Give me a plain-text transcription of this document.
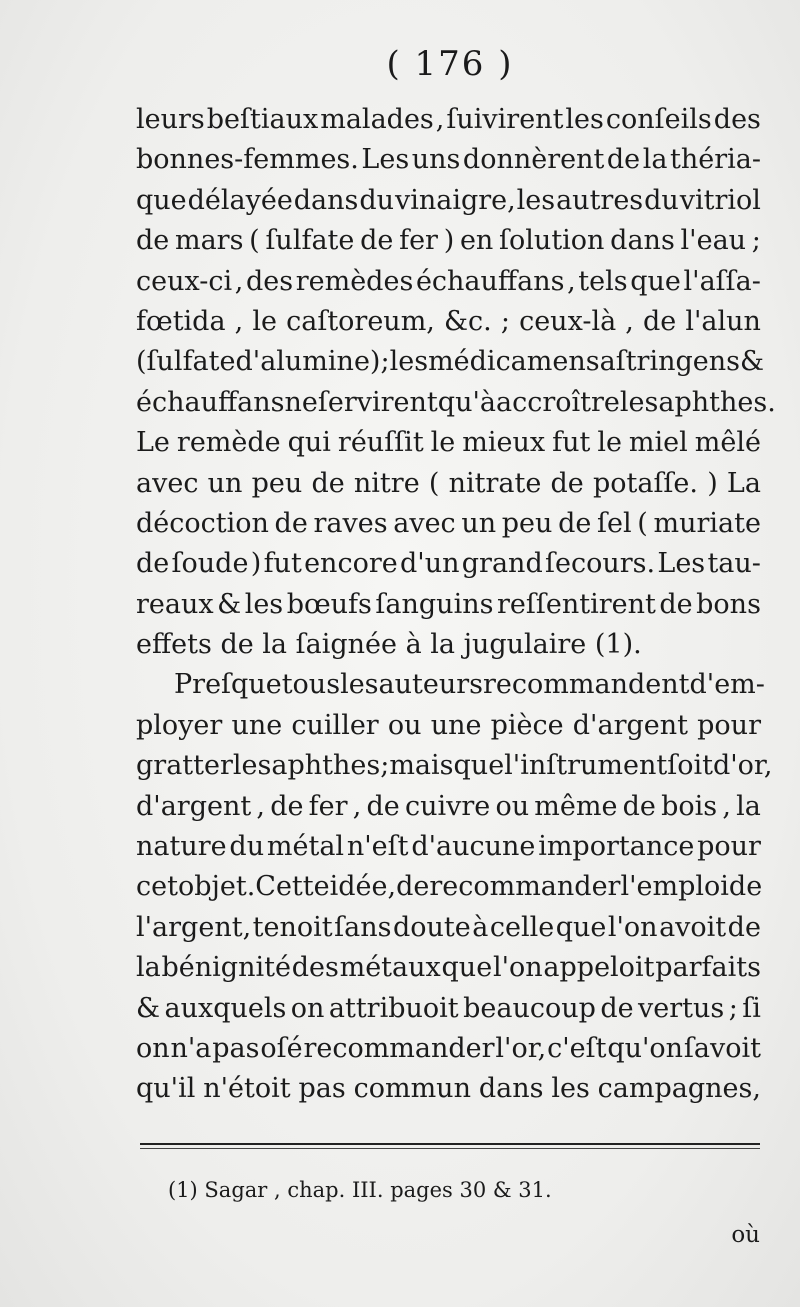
( 176 )
leurs beſtiaux malades , ſuivirent les conſeils des
bonnes-femmes. Les uns donnèrent de la théria-
que délayée dans du vinaigre, les autres du vitriol
de mars ( ſulfate de fer ) en ſolution dans l'eau ;
ceux-ci , des remèdes échauffans , tels que l'aſſa-
fœtida , le caſtoreum, &c. ; ceux-là , de l'alun
( ſulfate d'alumine ) ; les médicamens aſtringens &
échauffans ne ſervirent qu'à accroître les aphthes.
Le remède qui réuſſit le mieux fut le miel mêlé
avec un peu de nitre ( nitrate de potaſſe. ) La
décoction de raves avec un peu de ſel ( muriate
de ſoude ) fut encore d'un grand ſecours. Les tau-
reaux & les bœufs ſanguins reſſentirent de bons
effets de la ſaignée à la jugulaire (1).
Preſque tous les auteurs recommandent d'em-
ployer une cuiller ou une pièce d'argent pour
gratter les aphthes; mais que l'inſtrument ſoit d'or,
d'argent , de fer , de cuivre ou même de bois , la
nature du métal n'eſt d'aucune importance pour
cet objet. Cette idée, de recommander l'emploi de
l'argent, tenoit ſans doute à celle que l'on avoit de
la bénignité des métaux que l'on appeloit parfaits
& auxquels on attribuoit beaucoup de vertus ; ſi
on n'a pas oſé recommander l'or, c'eſt qu'on ſavoit
qu'il n'étoit pas commun dans les campagnes,
(1) Sagar , chap. III. pages 30 & 31.
où
